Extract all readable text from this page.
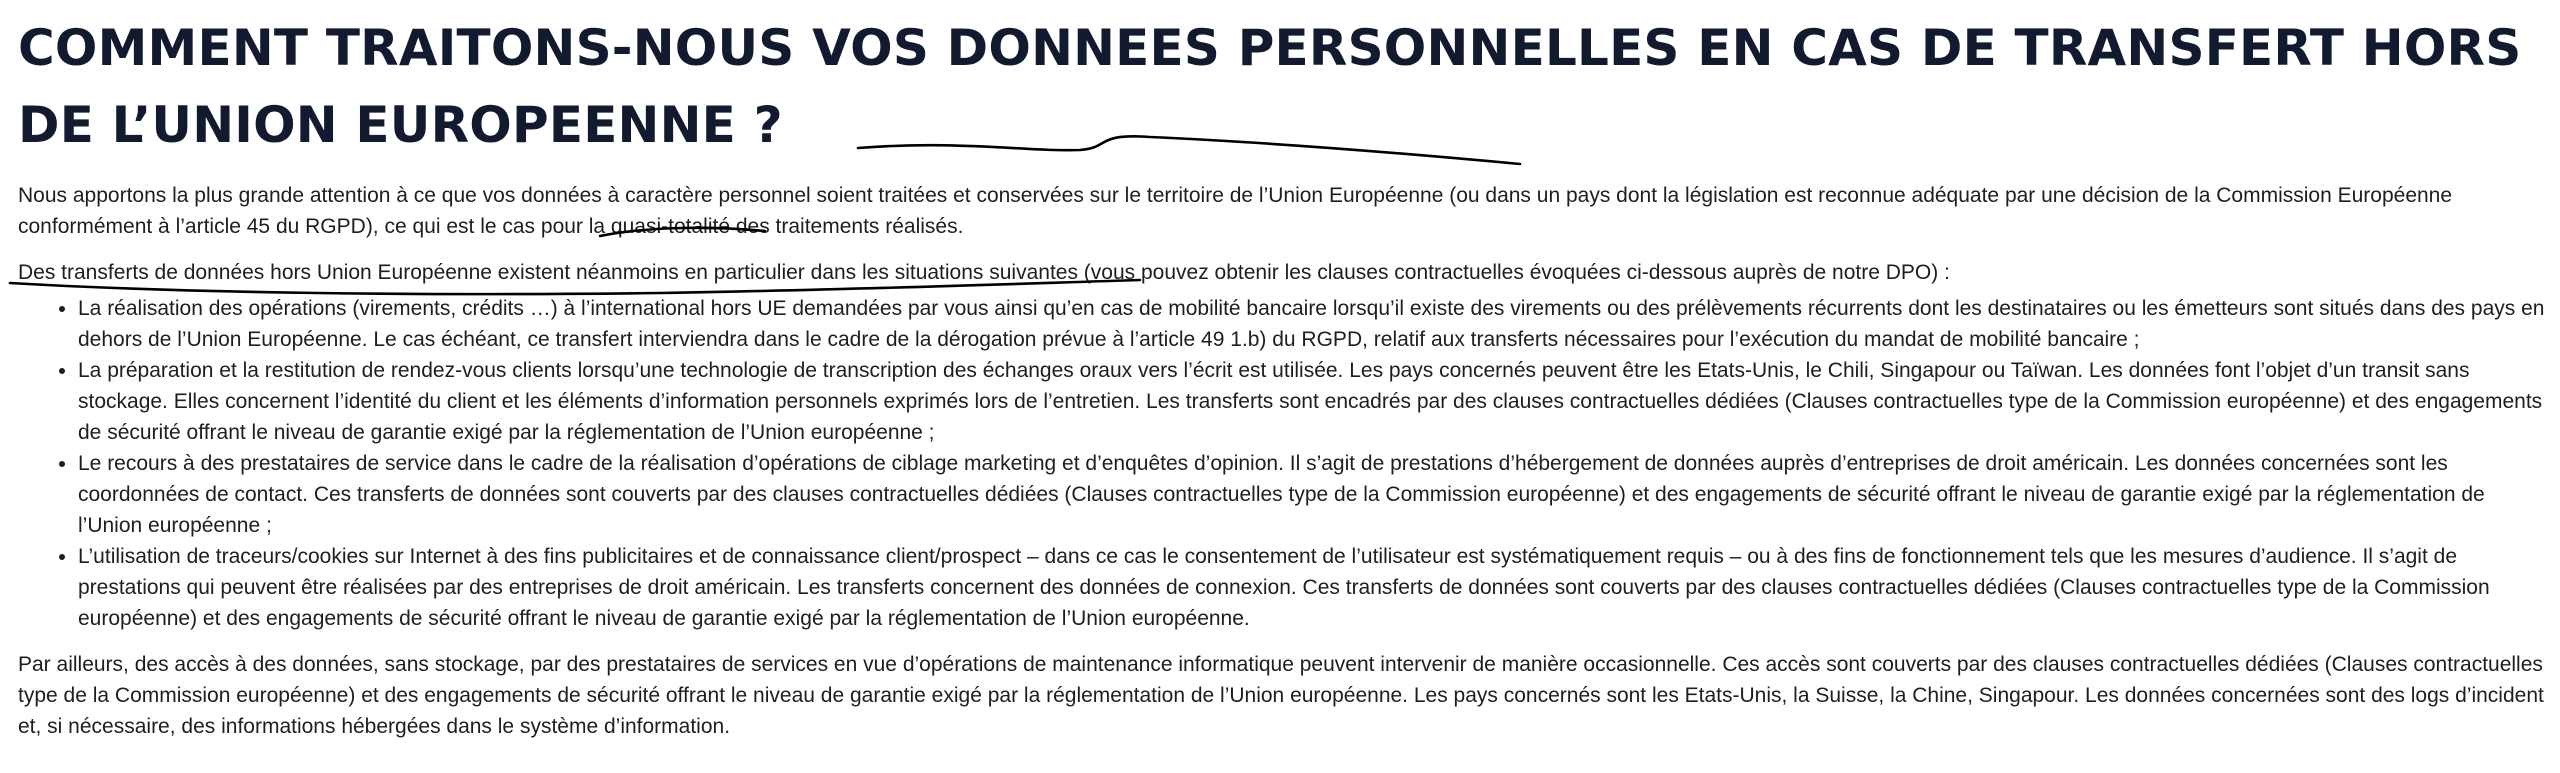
COMMENT TRAITONS-NOUS VOS DONNEES PERSONNELLES EN CAS DE TRANSFERT HORS DE L’UNION EUROPEENNE ?

Nous apportons la plus grande attention à ce que vos données à caractère personnel soient traitées et conservées sur le territoire de l’Union Européenne (ou dans un pays dont la législation est reconnue adéquate par une décision de la Commission Européenne conformément à l’article 45 du RGPD), ce qui est le cas pour la quasi-totalité des traitements réalisés.

Des transferts de données hors Union Européenne existent néanmoins en particulier dans les situations suivantes (vous pouvez obtenir les clauses contractuelles évoquées ci-dessous auprès de notre DPO) :

• La réalisation des opérations (virements, crédits …) à l’international hors UE demandées par vous ainsi qu’en cas de mobilité bancaire lorsqu’il existe des virements ou des prélèvements récurrents dont les destinataires ou les émetteurs sont situés dans des pays en dehors de l’Union Européenne. Le cas échéant, ce transfert interviendra dans le cadre de la dérogation prévue à l’article 49 1.b) du RGPD, relatif aux transferts nécessaires pour l’exécution du mandat de mobilité bancaire ;
• La préparation et la restitution de rendez-vous clients lorsqu’une technologie de transcription des échanges oraux vers l’écrit est utilisée. Les pays concernés peuvent être les Etats-Unis, le Chili, Singapour ou Taïwan. Les données font l’objet d’un transit sans stockage. Elles concernent l’identité du client et les éléments d’information personnels exprimés lors de l’entretien. Les transferts sont encadrés par des clauses contractuelles dédiées (Clauses contractuelles type de la Commission européenne) et des engagements de sécurité offrant le niveau de garantie exigé par la réglementation de l’Union européenne ;
• Le recours à des prestataires de service dans le cadre de la réalisation d’opérations de ciblage marketing et d’enquêtes d’opinion. Il s’agit de prestations d’hébergement de données auprès d’entreprises de droit américain. Les données concernées sont les coordonnées de contact. Ces transferts de données sont couverts par des clauses contractuelles dédiées (Clauses contractuelles type de la Commission européenne) et des engagements de sécurité offrant le niveau de garantie exigé par la réglementation de l’Union européenne ;
• L’utilisation de traceurs/cookies sur Internet à des fins publicitaires et de connaissance client/prospect – dans ce cas le consentement de l’utilisateur est systématiquement requis – ou à des fins de fonctionnement tels que les mesures d’audience. Il s’agit de prestations qui peuvent être réalisées par des entreprises de droit américain. Les transferts concernent des données de connexion. Ces transferts de données sont couverts par des clauses contractuelles dédiées (Clauses contractuelles type de la Commission européenne) et des engagements de sécurité offrant le niveau de garantie exigé par la réglementation de l’Union européenne.

Par ailleurs, des accès à des données, sans stockage, par des prestataires de services en vue d’opérations de maintenance informatique peuvent intervenir de manière occasionnelle. Ces accès sont couverts par des clauses contractuelles dédiées (Clauses contractuelles type de la Commission européenne) et des engagements de sécurité offrant le niveau de garantie exigé par la réglementation de l’Union européenne. Les pays concernés sont les Etats-Unis, la Suisse, la Chine, Singapour. Les données concernées sont des logs d’incident et, si nécessaire, des informations hébergées dans le système d’information.
